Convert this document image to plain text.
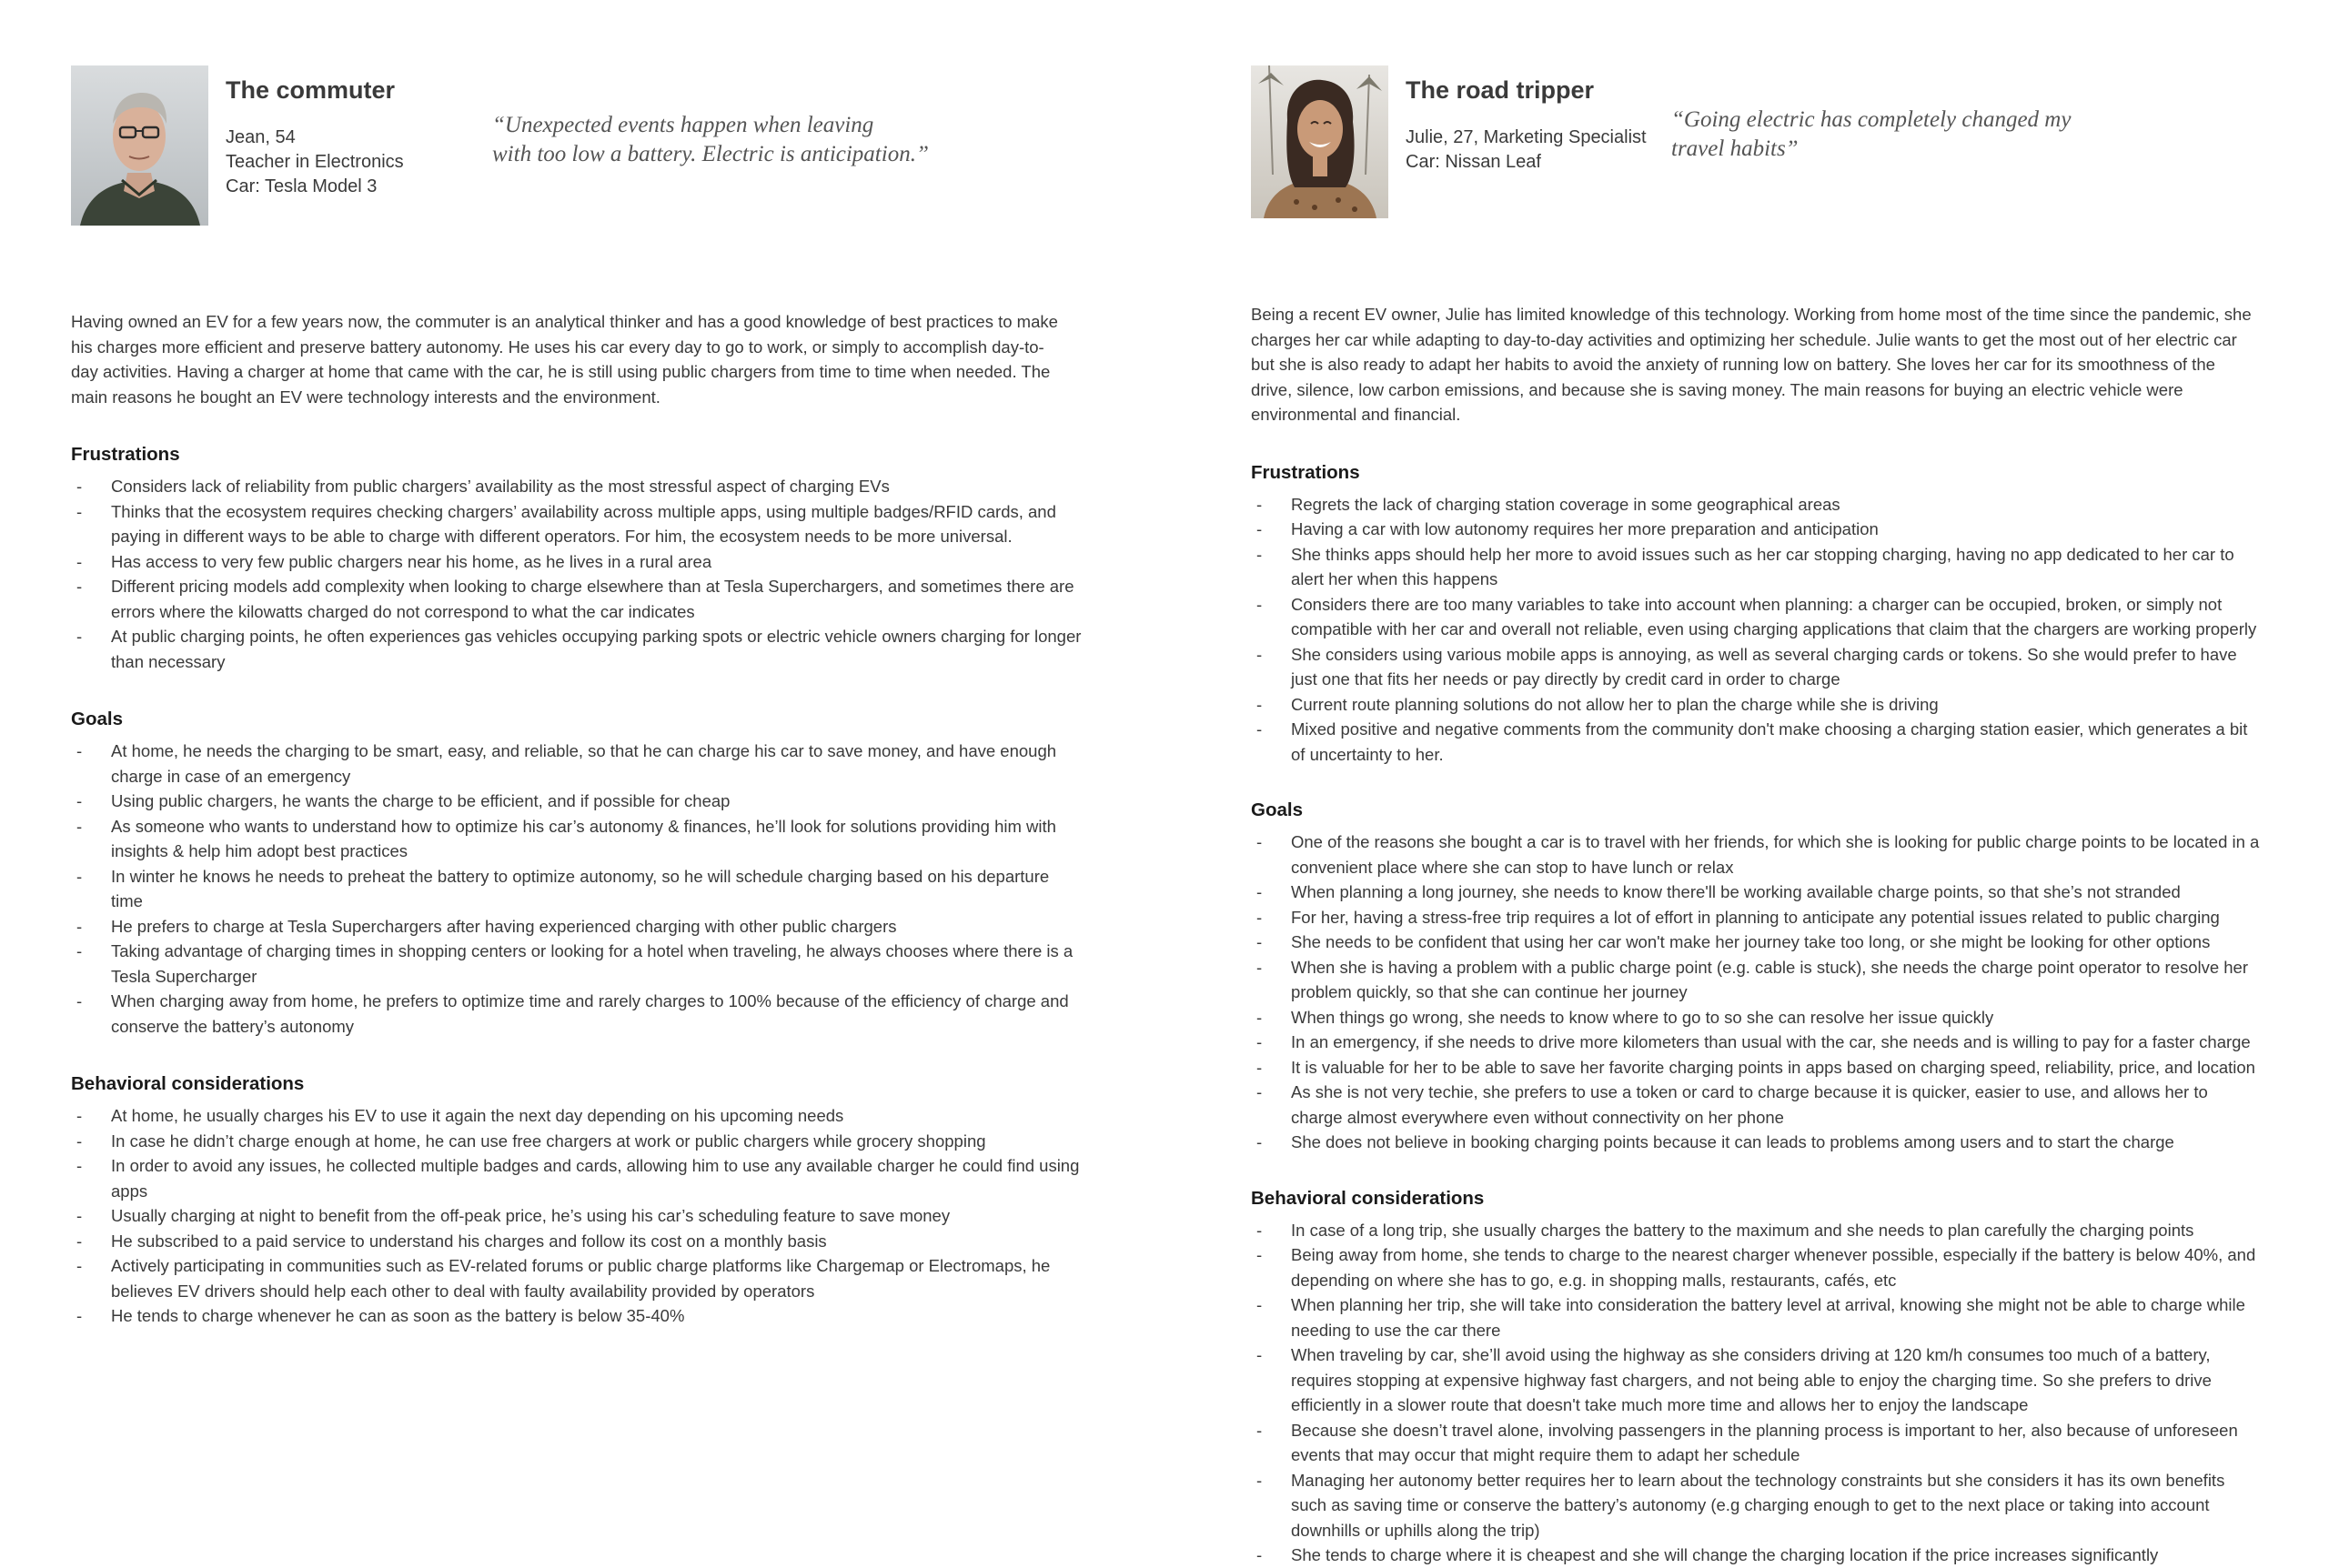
The commuter
Jean, 54
Teacher in Electronics
Car: Tesla Model 3
“Unexpected events happen when leaving
with too low a battery. Electric is anticipation.”

Having owned an EV for a few years now, the commuter is an analytical thinker and has a good knowledge of best practices to make his charges more efficient and preserve battery autonomy. He uses his car every day to go to work, or simply to accomplish day-to-day activities. Having a charger at home that came with the car, he is still using public chargers from time to time when needed. The main reasons he bought an EV were technology interests and the environment.

Frustrations
- Considers lack of reliability from public chargers’ availability as the most stressful aspect of charging EVs
- Thinks that the ecosystem requires checking chargers’ availability across multiple apps, using multiple badges/RFID cards, and paying in different ways to be able to charge with different operators. For him, the ecosystem needs to be more universal.
- Has access to very few public chargers near his home, as he lives in a rural area
- Different pricing models add complexity when looking to charge elsewhere than at Tesla Superchargers, and sometimes there are errors where the kilowatts charged do not correspond to what the car indicates
- At public charging points, he often experiences gas vehicles occupying parking spots or electric vehicle owners charging for longer than necessary
Goals
- At home, he needs the charging to be smart, easy, and reliable, so that he can charge his car to save money, and have enough charge in case of an emergency
- Using public chargers, he wants the charge to be efficient, and if possible for cheap
- As someone who wants to understand how to optimize his car’s autonomy & finances, he’ll look for solutions providing him with insights & help him adopt best practices
- In winter he knows he needs to preheat the battery to optimize autonomy, so he will schedule charging based on his departure time
- He prefers to charge at Tesla Superchargers after having experienced charging with other public chargers
- Taking advantage of charging times in shopping centers or looking for a hotel when traveling, he always chooses where there is a Tesla Supercharger
- When charging away from home, he prefers to optimize time and rarely charges to 100% because of the efficiency of charge and conserve the battery’s autonomy
Behavioral considerations
- At home, he usually charges his EV to use it again the next day depending on his upcoming needs
- In case he didn’t charge enough at home, he can use free chargers at work or public chargers while grocery shopping
- In order to avoid any issues, he collected multiple badges and cards, allowing him to use any available charger he could find using apps
- Usually charging at night to benefit from the off-peak price, he’s using his car’s scheduling feature to save money
- He subscribed to a paid service to understand his charges and follow its cost on a monthly basis
- Actively participating in communities such as EV-related forums or public charge platforms like Chargemap or Electromaps, he believes EV drivers should help each other to deal with faulty availability provided by operators
- He tends to charge whenever he can as soon as the battery is below 35-40%
The road tripper
Julie, 27, Marketing Specialist
Car: Nissan Leaf
“Going electric has completely changed my
travel habits”

Being a recent EV owner, Julie has limited knowledge of this technology. Working from home most of the time since the pandemic, she charges her car while adapting to day-to-day activities and optimizing her schedule. Julie wants to get the most out of her electric car but she is also ready to adapt her habits to avoid the anxiety of running low on battery. She loves her car for its smoothness of the drive, silence, low carbon emissions, and because she is saving money. The main reasons for buying an electric vehicle were environmental and financial.

Frustrations
- Regrets the lack of charging station coverage in some geographical areas
- Having a car with low autonomy requires her more preparation and anticipation
- She thinks apps should help her more to avoid issues such as her car stopping charging, having no app dedicated to her car to alert her when this happens
- Considers there are too many variables to take into account when planning: a charger can be occupied, broken, or simply not compatible with her car and overall not reliable, even using charging applications that claim that the chargers are working properly
- She considers using various mobile apps is annoying, as well as several charging cards or tokens. So she would prefer to have just one that fits her needs or pay directly by credit card in order to charge
- Current route planning solutions do not allow her to plan the charge while she is driving
- Mixed positive and negative comments from the community don't make choosing a charging station easier, which generates a bit of uncertainty to her.
Goals
- One of the reasons she bought a car is to travel with her friends, for which she is looking for public charge points to be located in a convenient place where she can stop to have lunch or relax
- When planning a long journey, she needs to know there'll be working available charge points, so that she’s not stranded
- For her, having a stress-free trip requires a lot of effort in planning to anticipate any potential issues related to public charging
- She needs to be confident that using her car won't make her journey take too long, or she might be looking for other options
- When she is having a problem with a public charge point (e.g. cable is stuck), she needs the charge point operator to resolve her problem quickly, so that she can continue her journey
- When things go wrong, she needs to know where to go to so she can resolve her issue quickly
- In an emergency, if she needs to drive more kilometers than usual with the car, she needs and is willing to pay for a faster charge
- It is valuable for her to be able to save her favorite charging points in apps based on charging speed, reliability, price, and location
- As she is not very techie, she prefers to use a token or card to charge because it is quicker, easier to use, and allows her to charge almost everywhere even without connectivity on her phone
- She does not believe in booking charging points because it can leads to problems among users and to start the charge
Behavioral considerations
- In case of a long trip, she usually charges the battery to the maximum and she needs to plan carefully the charging points
- Being away from home, she tends to charge to the nearest charger whenever possible, especially if the battery is below 40%, and depending on where she has to go, e.g. in shopping malls, restaurants, cafés, etc
- When planning her trip, she will take into consideration the battery level at arrival, knowing she might not be able to charge while needing to use the car there
- When traveling by car, she’ll avoid using the highway as she considers driving at 120 km/h consumes too much of a battery, requires stopping at expensive highway fast chargers, and not being able to enjoy the charging time. So she prefers to drive efficiently in a slower route that doesn't take much more time and allows her to enjoy the landscape
- Because she doesn’t travel alone, involving passengers in the planning process is important to her, also because of unforeseen events that may occur that might require them to adapt her schedule
- Managing her autonomy better requires her to learn about the technology constraints but she considers it has its own benefits such as saving time or conserve the battery’s autonomy (e.g charging enough to get to the next place or taking into account downhills or uphills along the trip)
- She tends to charge where it is cheapest and she will change the charging location if the price increases significantly
